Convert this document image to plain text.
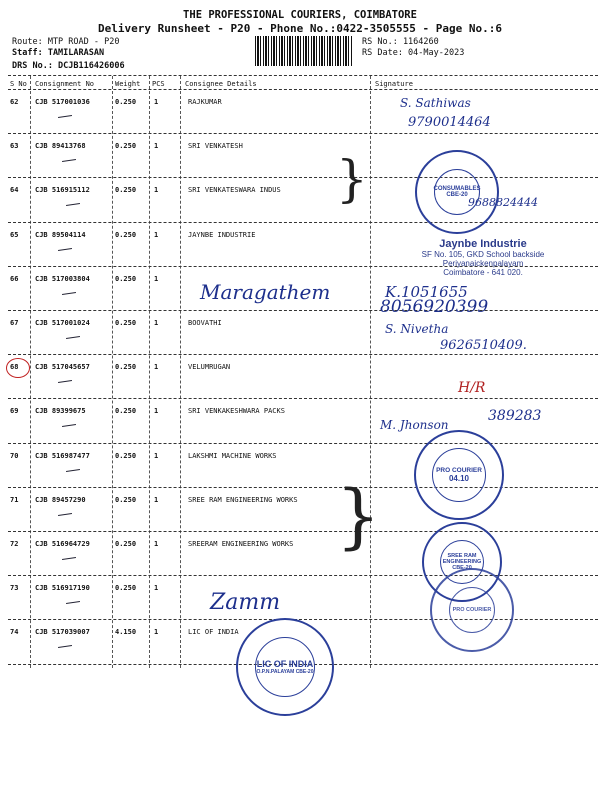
THE PROFESSIONAL COURIERS, COIMBATORE
Delivery Runsheet - P20 - Phone No.:0422-3505555 - Page No.:6
Route: MTP ROAD - P20
Staff: TAMILARASAN
DRS No.: DCJB116426006
RS No.: 1164260
RS Date: 04-May-2023
S No Consignment No	Weight PCS	Consignee Details	Signature
62 CJB 517001036	0.250	1	RAJKUMAR
63 CJB 89413768	0.250	1	SRI VENKATESH
64 CJB 516915112	0.250	1	SRI VENKATESWARA INDUS
65 CJB 89504114	0.250	1	JAYNBE INDUSTRIE
66 CJB 517003804	0.250	1
67 CJB 517001024	0.250	1	BOOVATHI
68 CJB 517045657	0.250	1	VELUMRUGAN
69 CJB 89399675	0.250	1	SRI VENKAKESHWARA PACKS
70 CJB 516987477	0.250	1	LAKSHMI MACHINE WORKS
71 CJB 89457290	0.250	1	SREE RAM ENGINEERING WORKS
72 CJB 516964729	0.250	1	SREERAM ENGINEERING WORKS
73 CJB 516917190	0.250	1
74 CJB 517039007	4.150	1	LIC OF INDIA
S. Sathiwas
9790014464
9688824444
Maragathem	K.1051655
8056920399
S. Nivetha
9626510409.
H/R
M. Jhonson
389283
Zamm
}
}
CONSUMABLES
CBE-20
Jaynbe Industrie
SF No. 105, GKD School backside
Periyanaickenpalayam
Coimbatore - 641 020.
PRO COURIER
04.10
SREE RAM ENGINEERING
CBE-20
PRO COURIER
LIC OF INDIA
O.P.N.PALAYAM CBE-20
